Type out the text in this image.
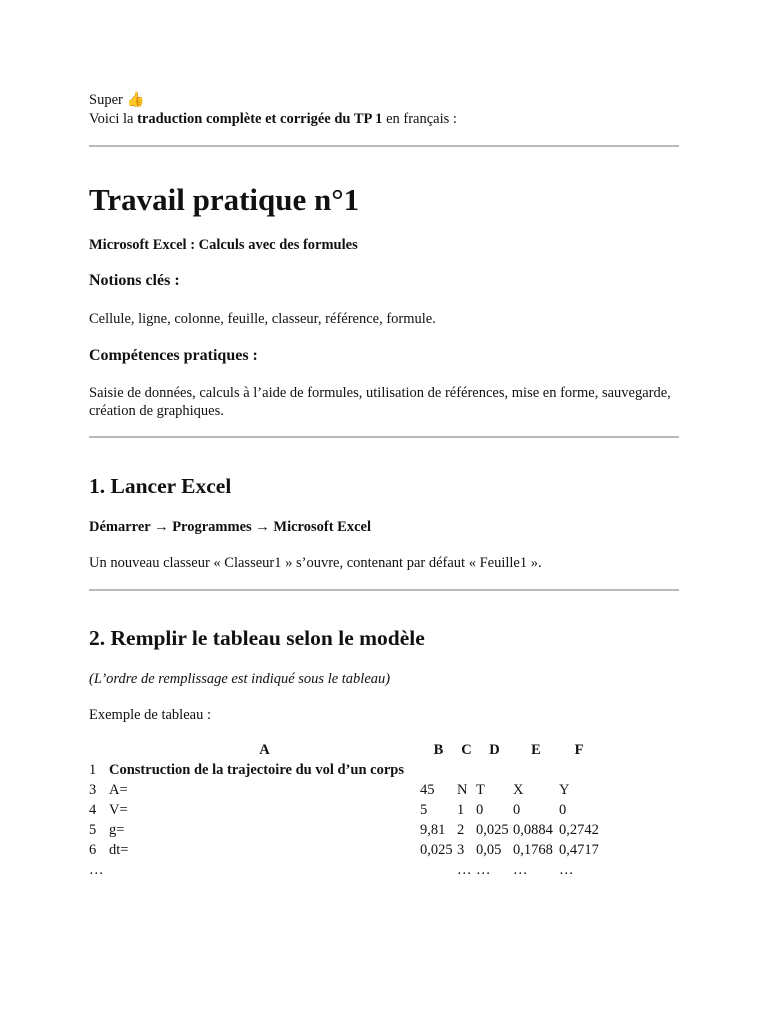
Super 👍
Voici la traduction complète et corrigée du TP 1 en français :
Travail pratique n°1
Microsoft Excel : Calculs avec des formules
Notions clés :
Cellule, ligne, colonne, feuille, classeur, référence, formule.
Compétences pratiques :
Saisie de données, calculs à l’aide de formules, utilisation de références, mise en forme, sauvegarde, création de graphiques.
1. Lancer Excel
Démarrer → Programmes → Microsoft Excel
Un nouveau classeur « Classeur1 » s’ouvre, contenant par défaut « Feuille1 ».
2. Remplir le tableau selon le modèle
(L’ordre de remplissage est indiqué sous le tableau)
Exemple de tableau :
	A	B	C	D	E	F
1	Construction de la trajectoire du vol d’un corps					
3	A=	45	N	T	X	Y
4	V=	5	1	0	0	0
5	g=	9,81	2	0,025	0,0884	0,2742
6	dt=	0,025	3	0,05	0,1768	0,4717
…			…	…	…	…
